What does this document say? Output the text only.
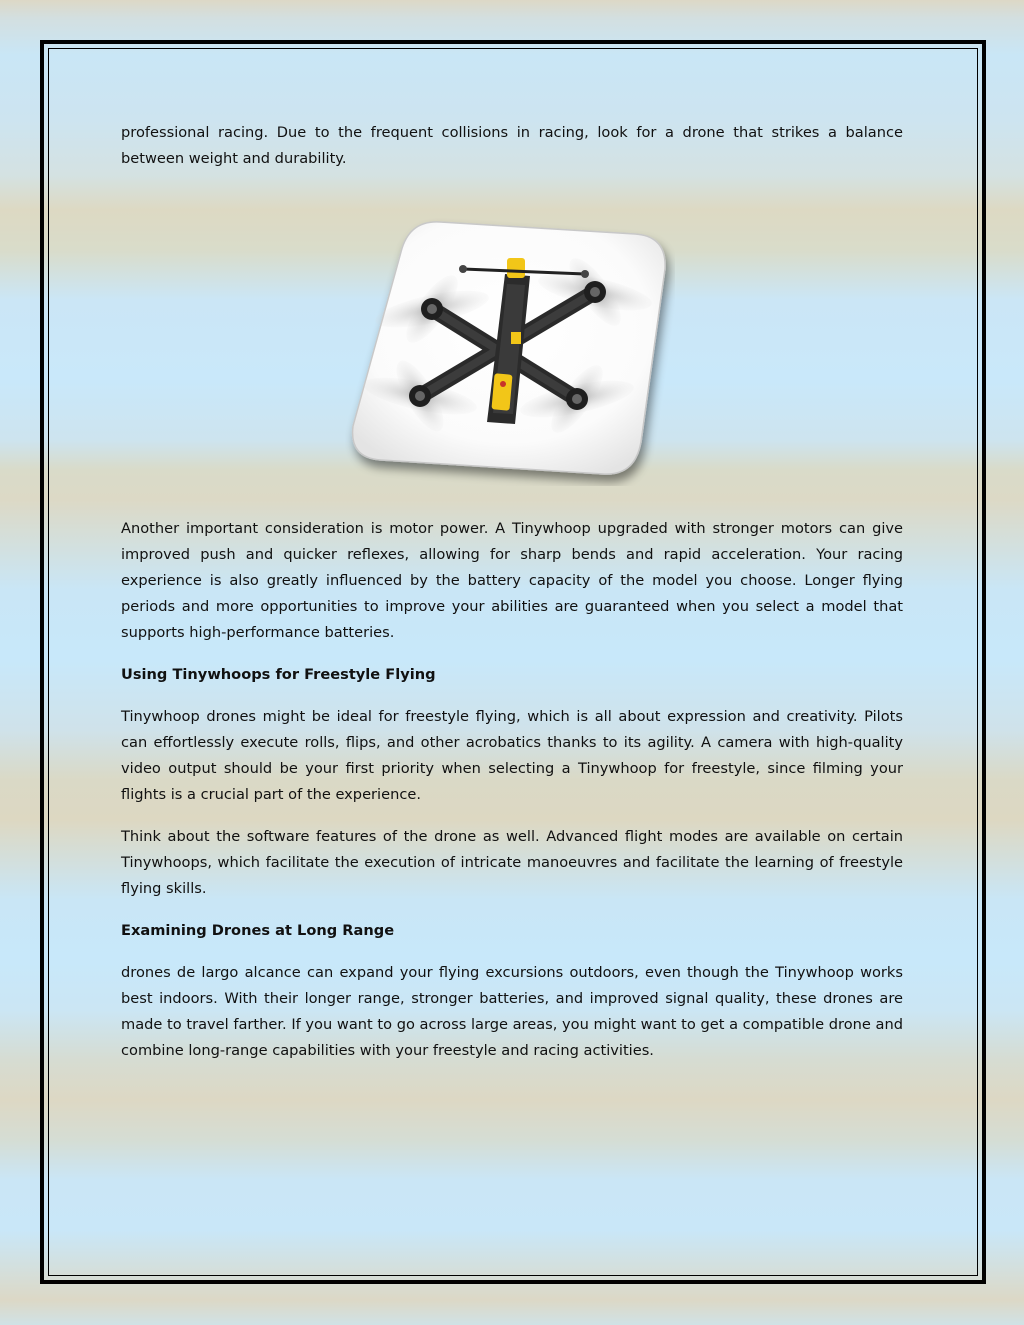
professional racing. Due to the frequent collisions in racing, look for a drone that strikes a balance between weight and durability.

Another important consideration is motor power. A Tinywhoop upgraded with stronger motors can give improved push and quicker reflexes, allowing for sharp bends and rapid acceleration. Your racing experience is also greatly influenced by the battery capacity of the model you choose. Longer flying periods and more opportunities to improve your abilities are guaranteed when you select a model that supports high-performance batteries.

Using Tinywhoops for Freestyle Flying

Tinywhoop drones might be ideal for freestyle flying, which is all about expression and creativity. Pilots can effortlessly execute rolls, flips, and other acrobatics thanks to its agility. A camera with high-quality video output should be your first priority when selecting a Tinywhoop for freestyle, since filming your flights is a crucial part of the experience.

Think about the software features of the drone as well. Advanced flight modes are available on certain Tinywhoops, which facilitate the execution of intricate manoeuvres and facilitate the learning of freestyle flying skills.

Examining Drones at Long Range

drones de largo alcance can expand your flying excursions outdoors, even though the Tinywhoop works best indoors. With their longer range, stronger batteries, and improved signal quality, these drones are made to travel farther. If you want to go across large areas, you might want to get a compatible drone and combine long-range capabilities with your freestyle and racing activities.
